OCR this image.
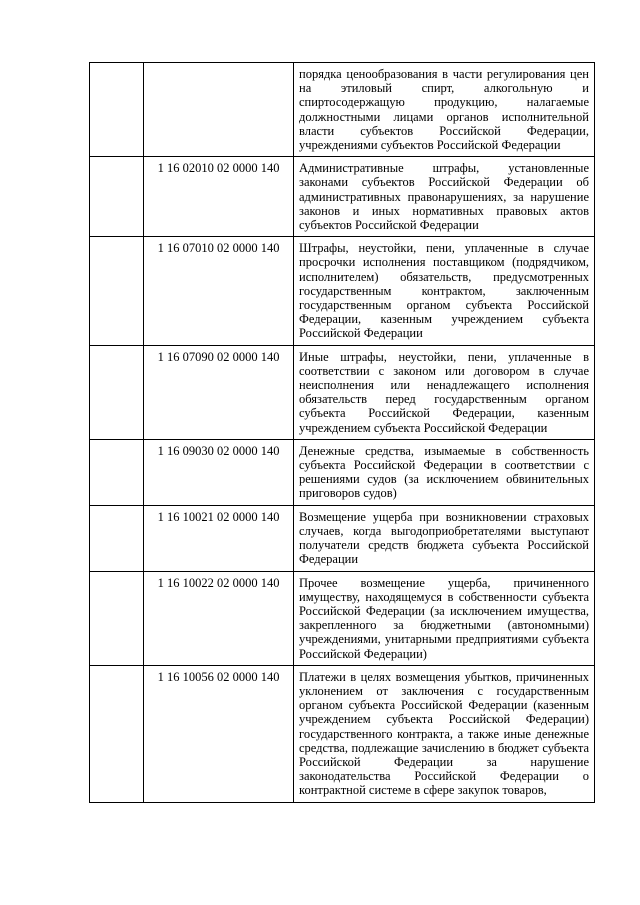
		порядка ценообразования в части регулирования цен на этиловый спирт, алкогольную и спиртосодержащую продукцию, налагаемые должностными лицами органов исполнительной власти субъектов Российской Федерации, учреждениями субъектов Российской Федерации
	1 16 02010 02 0000 140	Административные штрафы, установленные законами субъектов Российской Федерации об административных правонарушениях, за нарушение законов и иных нормативных правовых актов субъектов Российской Федерации
	1 16 07010 02 0000 140	Штрафы, неустойки, пени, уплаченные в случае просрочки исполнения поставщиком (подрядчиком, исполнителем) обязательств, предусмотренных государственным контрактом, заключенным государственным органом субъекта Российской Федерации, казенным учреждением субъекта Российской Федерации
	1 16 07090 02 0000 140	Иные штрафы, неустойки, пени, уплаченные в соответствии с законом или договором в случае неисполнения или ненадлежащего исполнения обязательств перед государственным органом субъекта Российской Федерации, казенным учреждением субъекта Российской Федерации
	1 16 09030 02 0000 140	Денежные средства, изымаемые в собственность субъекта Российской Федерации в соответствии с решениями судов (за исключением обвинительных приговоров судов)
	1 16 10021 02 0000 140	Возмещение ущерба при возникновении страховых случаев, когда выгодоприобретателями выступают получатели средств бюджета субъекта Российской Федерации
	1 16 10022 02 0000 140	Прочее возмещение ущерба, причиненного имуществу, находящемуся в собственности субъекта Российской Федерации (за исключением имущества, закрепленного за бюджетными (автономными) учреждениями, унитарными предприятиями субъекта Российской Федерации)
	1 16 10056 02 0000 140	Платежи в целях возмещения убытков, причиненных уклонением от заключения с государственным органом субъекта Российской Федерации (казенным учреждением субъекта Российской Федерации) государственного контракта, а также иные денежные средства, подлежащие зачислению в бюджет субъекта Российской Федерации за нарушение законодательства Российской Федерации о контрактной системе в сфере закупок товаров,
